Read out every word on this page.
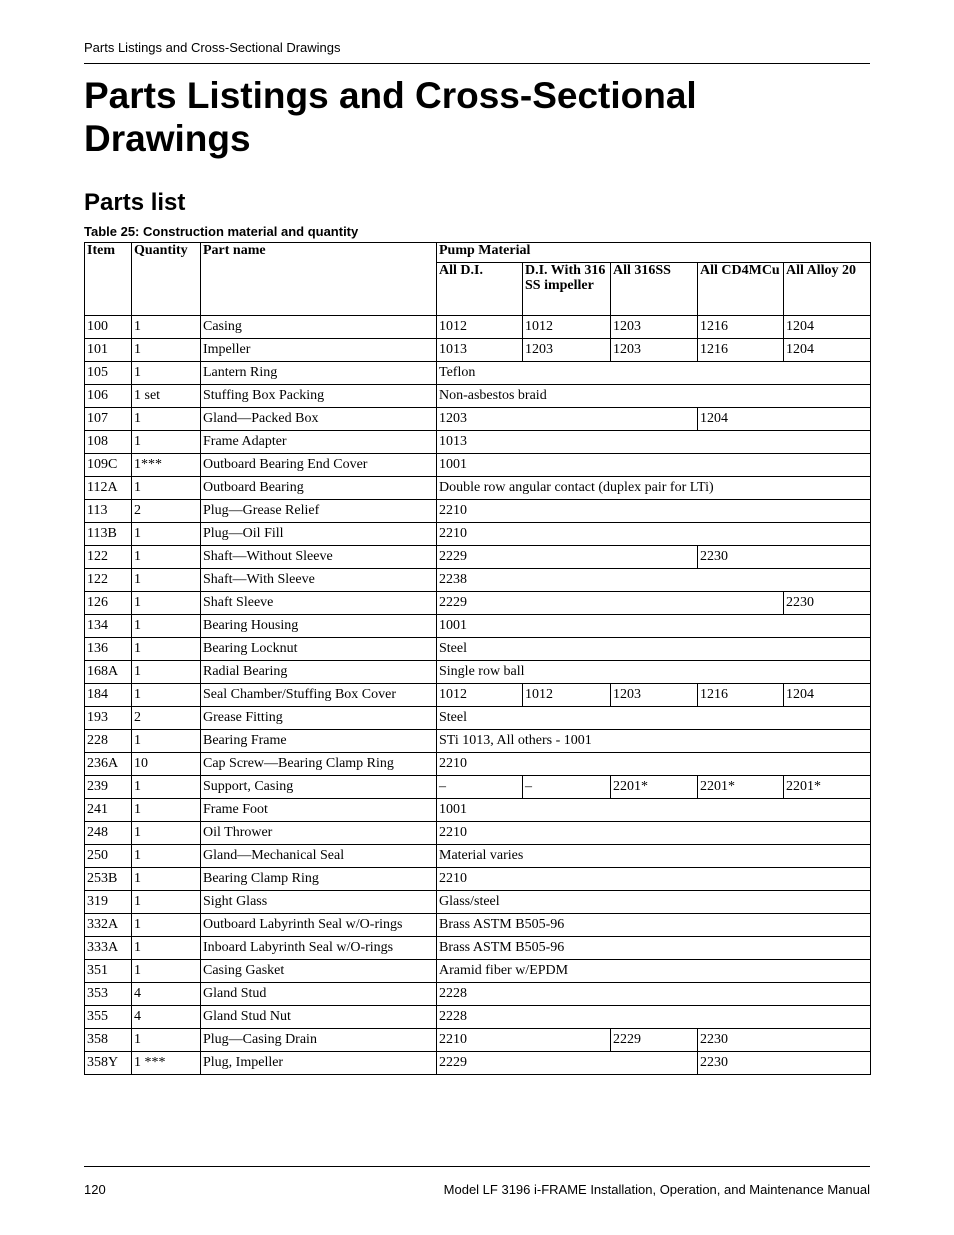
Parts Listings and Cross-Sectional Drawings
Parts Listings and Cross-Sectional Drawings
Parts list
Table 25: Construction material and quantity
Item	Quantity	Part name	Pump Material				
			All D.I.	D.I. With 316 SS impeller	All 316SS	All CD4MCu	All Alloy 20
100	1	Casing	1012	1012	1203	1216	1204
101	1	Impeller	1013	1203	1203	1216	1204
105	1	Lantern Ring	Teflon				
106	1 set	Stuffing Box Packing	Non-asbestos braid				
107	1	Gland—Packed Box	1203			1204	
108	1	Frame Adapter	1013				
109C	1***	Outboard Bearing End Cover	1001				
112A	1	Outboard Bearing	Double row angular contact (duplex pair for LTi)				
113	2	Plug—Grease Relief	2210				
113B	1	Plug—Oil Fill	2210				
122	1	Shaft—Without Sleeve	2229			2230	
122	1	Shaft—With Sleeve	2238				
126	1	Shaft Sleeve	2229				2230
134	1	Bearing Housing	1001				
136	1	Bearing Locknut	Steel				
168A	1	Radial Bearing	Single row ball				
184	1	Seal Chamber/Stuffing Box Cover	1012	1012	1203	1216	1204
193	2	Grease Fitting	Steel				
228	1	Bearing Frame	STi 1013, All others - 1001				
236A	10	Cap Screw—Bearing Clamp Ring	2210				
239	1	Support, Casing	–	–	2201*	2201*	2201*
241	1	Frame Foot	1001				
248	1	Oil Thrower	2210				
250	1	Gland—Mechanical Seal	Material varies				
253B	1	Bearing Clamp Ring	2210				
319	1	Sight Glass	Glass/steel				
332A	1	Outboard Labyrinth Seal w/O-rings	Brass ASTM B505-96				
333A	1	Inboard Labyrinth Seal w/O-rings	Brass ASTM B505-96				
351	1	Casing Gasket	Aramid fiber w/EPDM				
353	4	Gland Stud	2228				
355	4	Gland Stud Nut	2228				
358	1	Plug—Casing Drain	2210		2229	2230	
358Y	1 ***	Plug, Impeller	2229			2230	
120	Model LF 3196 i-FRAME Installation, Operation, and Maintenance Manual
